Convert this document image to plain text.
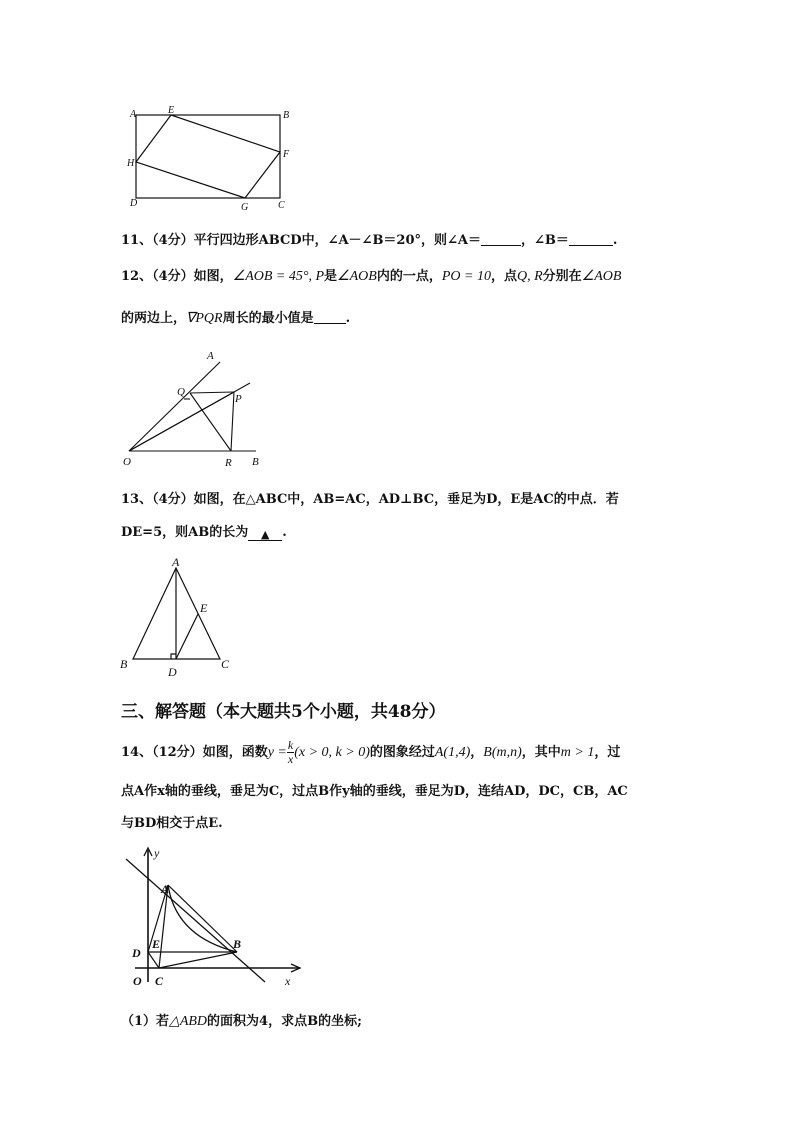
A	E	B
H
F
D	G	C
11、（4分）平行四边形ABCD中，∠A－∠B＝20°，则∠A＝	，∠B＝	.
12、（4分）如图，∠AOB = 45°, P是∠AOB内的一点，PO = 10，点Q, R分别在∠AOB
的两边上，∇PQR周长的最小值是 .
A
Q
P
O	R B
13、（4分）如图，在△ABC中，AB=AC，AD⊥BC，垂足为D，E是AC的中点．若
DE=5，则AB的长为 ▲ .
A
E
B
D
C
三、解答题（本大题共5个小题，共48分）
14、（12分）如图，函数$y = \frac{k}{x} (x > 0$, k > 0)的图象经过A(1,4)，B(m,n)，其中m > 1，过
点A作x轴的垂线，垂足为C，过点B作y轴的垂线，垂足为D，连结AD，DC，CB，AC
与BD相交于点E.
y
A
D
E	B
O C	x
（1）若△ABD的面积为4，求点B的坐标;
